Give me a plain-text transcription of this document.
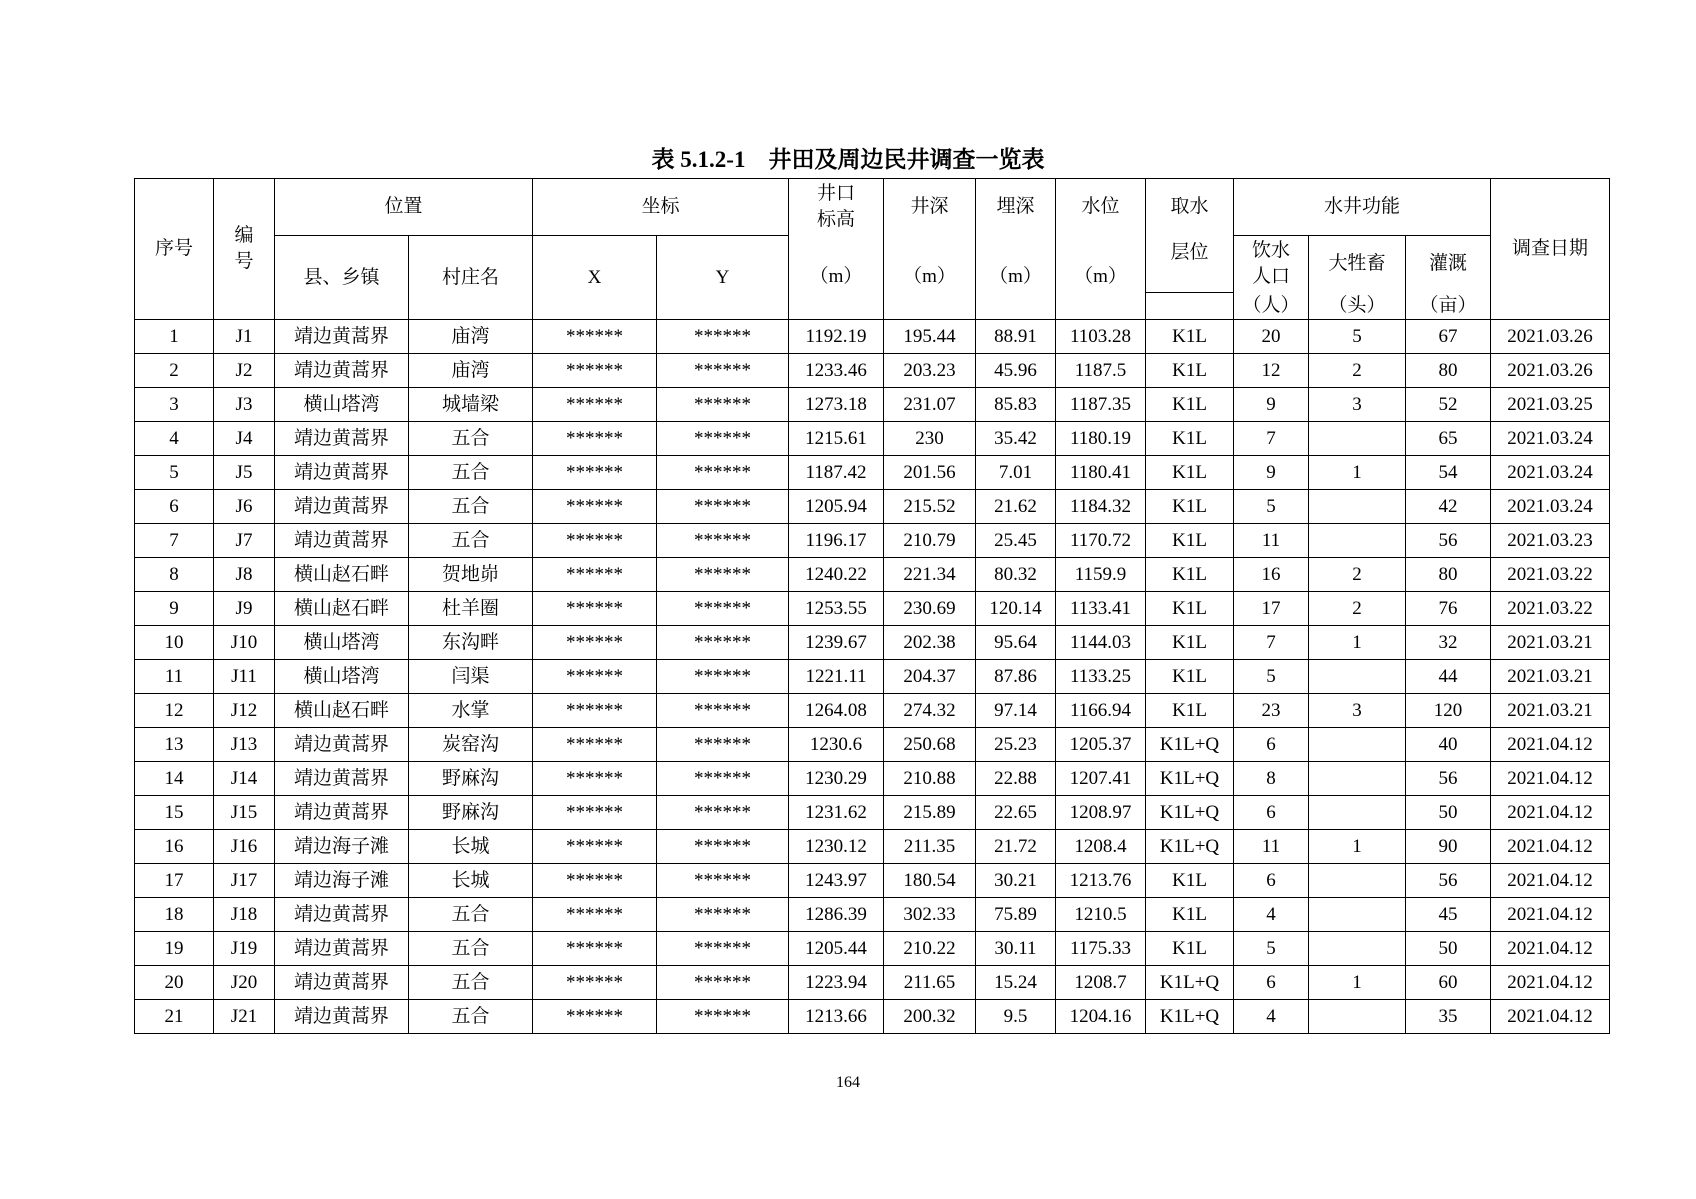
表 5.1.2-1　井田及周边民井调查一览表
序号	编号	位置		坐标		井口标高	井深	埋深	水位	取水	水井功能			调查日期
		县、乡镇	村庄名	X	Y	（m）	（m）	（m）	（m）	层位	饮水人口	大牲畜	灌溉	
											（人）	（头）	（亩）	
1	J1	靖边黄蒿界	庙湾	******	******	1192.19	195.44	88.91	1103.28	K1L	20	5	67	2021.03.26
2	J2	靖边黄蒿界	庙湾	******	******	1233.46	203.23	45.96	1187.5	K1L	12	2	80	2021.03.26
3	J3	横山塔湾	城墙梁	******	******	1273.18	231.07	85.83	1187.35	K1L	9	3	52	2021.03.25
4	J4	靖边黄蒿界	五合	******	******	1215.61	230	35.42	1180.19	K1L	7		65	2021.03.24
5	J5	靖边黄蒿界	五合	******	******	1187.42	201.56	7.01	1180.41	K1L	9	1	54	2021.03.24
6	J6	靖边黄蒿界	五合	******	******	1205.94	215.52	21.62	1184.32	K1L	5		42	2021.03.24
7	J7	靖边黄蒿界	五合	******	******	1196.17	210.79	25.45	1170.72	K1L	11		56	2021.03.23
8	J8	横山赵石畔	贺地峁	******	******	1240.22	221.34	80.32	1159.9	K1L	16	2	80	2021.03.22
9	J9	横山赵石畔	杜羊圈	******	******	1253.55	230.69	120.14	1133.41	K1L	17	2	76	2021.03.22
10	J10	横山塔湾	东沟畔	******	******	1239.67	202.38	95.64	1144.03	K1L	7	1	32	2021.03.21
11	J11	横山塔湾	闫渠	******	******	1221.11	204.37	87.86	1133.25	K1L	5		44	2021.03.21
12	J12	横山赵石畔	水掌	******	******	1264.08	274.32	97.14	1166.94	K1L	23	3	120	2021.03.21
13	J13	靖边黄蒿界	炭窑沟	******	******	1230.6	250.68	25.23	1205.37	K1L+Q	6		40	2021.04.12
14	J14	靖边黄蒿界	野麻沟	******	******	1230.29	210.88	22.88	1207.41	K1L+Q	8		56	2021.04.12
15	J15	靖边黄蒿界	野麻沟	******	******	1231.62	215.89	22.65	1208.97	K1L+Q	6		50	2021.04.12
16	J16	靖边海子滩	长城	******	******	1230.12	211.35	21.72	1208.4	K1L+Q	11	1	90	2021.04.12
17	J17	靖边海子滩	长城	******	******	1243.97	180.54	30.21	1213.76	K1L	6		56	2021.04.12
18	J18	靖边黄蒿界	五合	******	******	1286.39	302.33	75.89	1210.5	K1L	4		45	2021.04.12
19	J19	靖边黄蒿界	五合	******	******	1205.44	210.22	30.11	1175.33	K1L	5		50	2021.04.12
20	J20	靖边黄蒿界	五合	******	******	1223.94	211.65	15.24	1208.7	K1L+Q	6	1	60	2021.04.12
21	J21	靖边黄蒿界	五合	******	******	1213.66	200.32	9.5	1204.16	K1L+Q	4		35	2021.04.12
164
